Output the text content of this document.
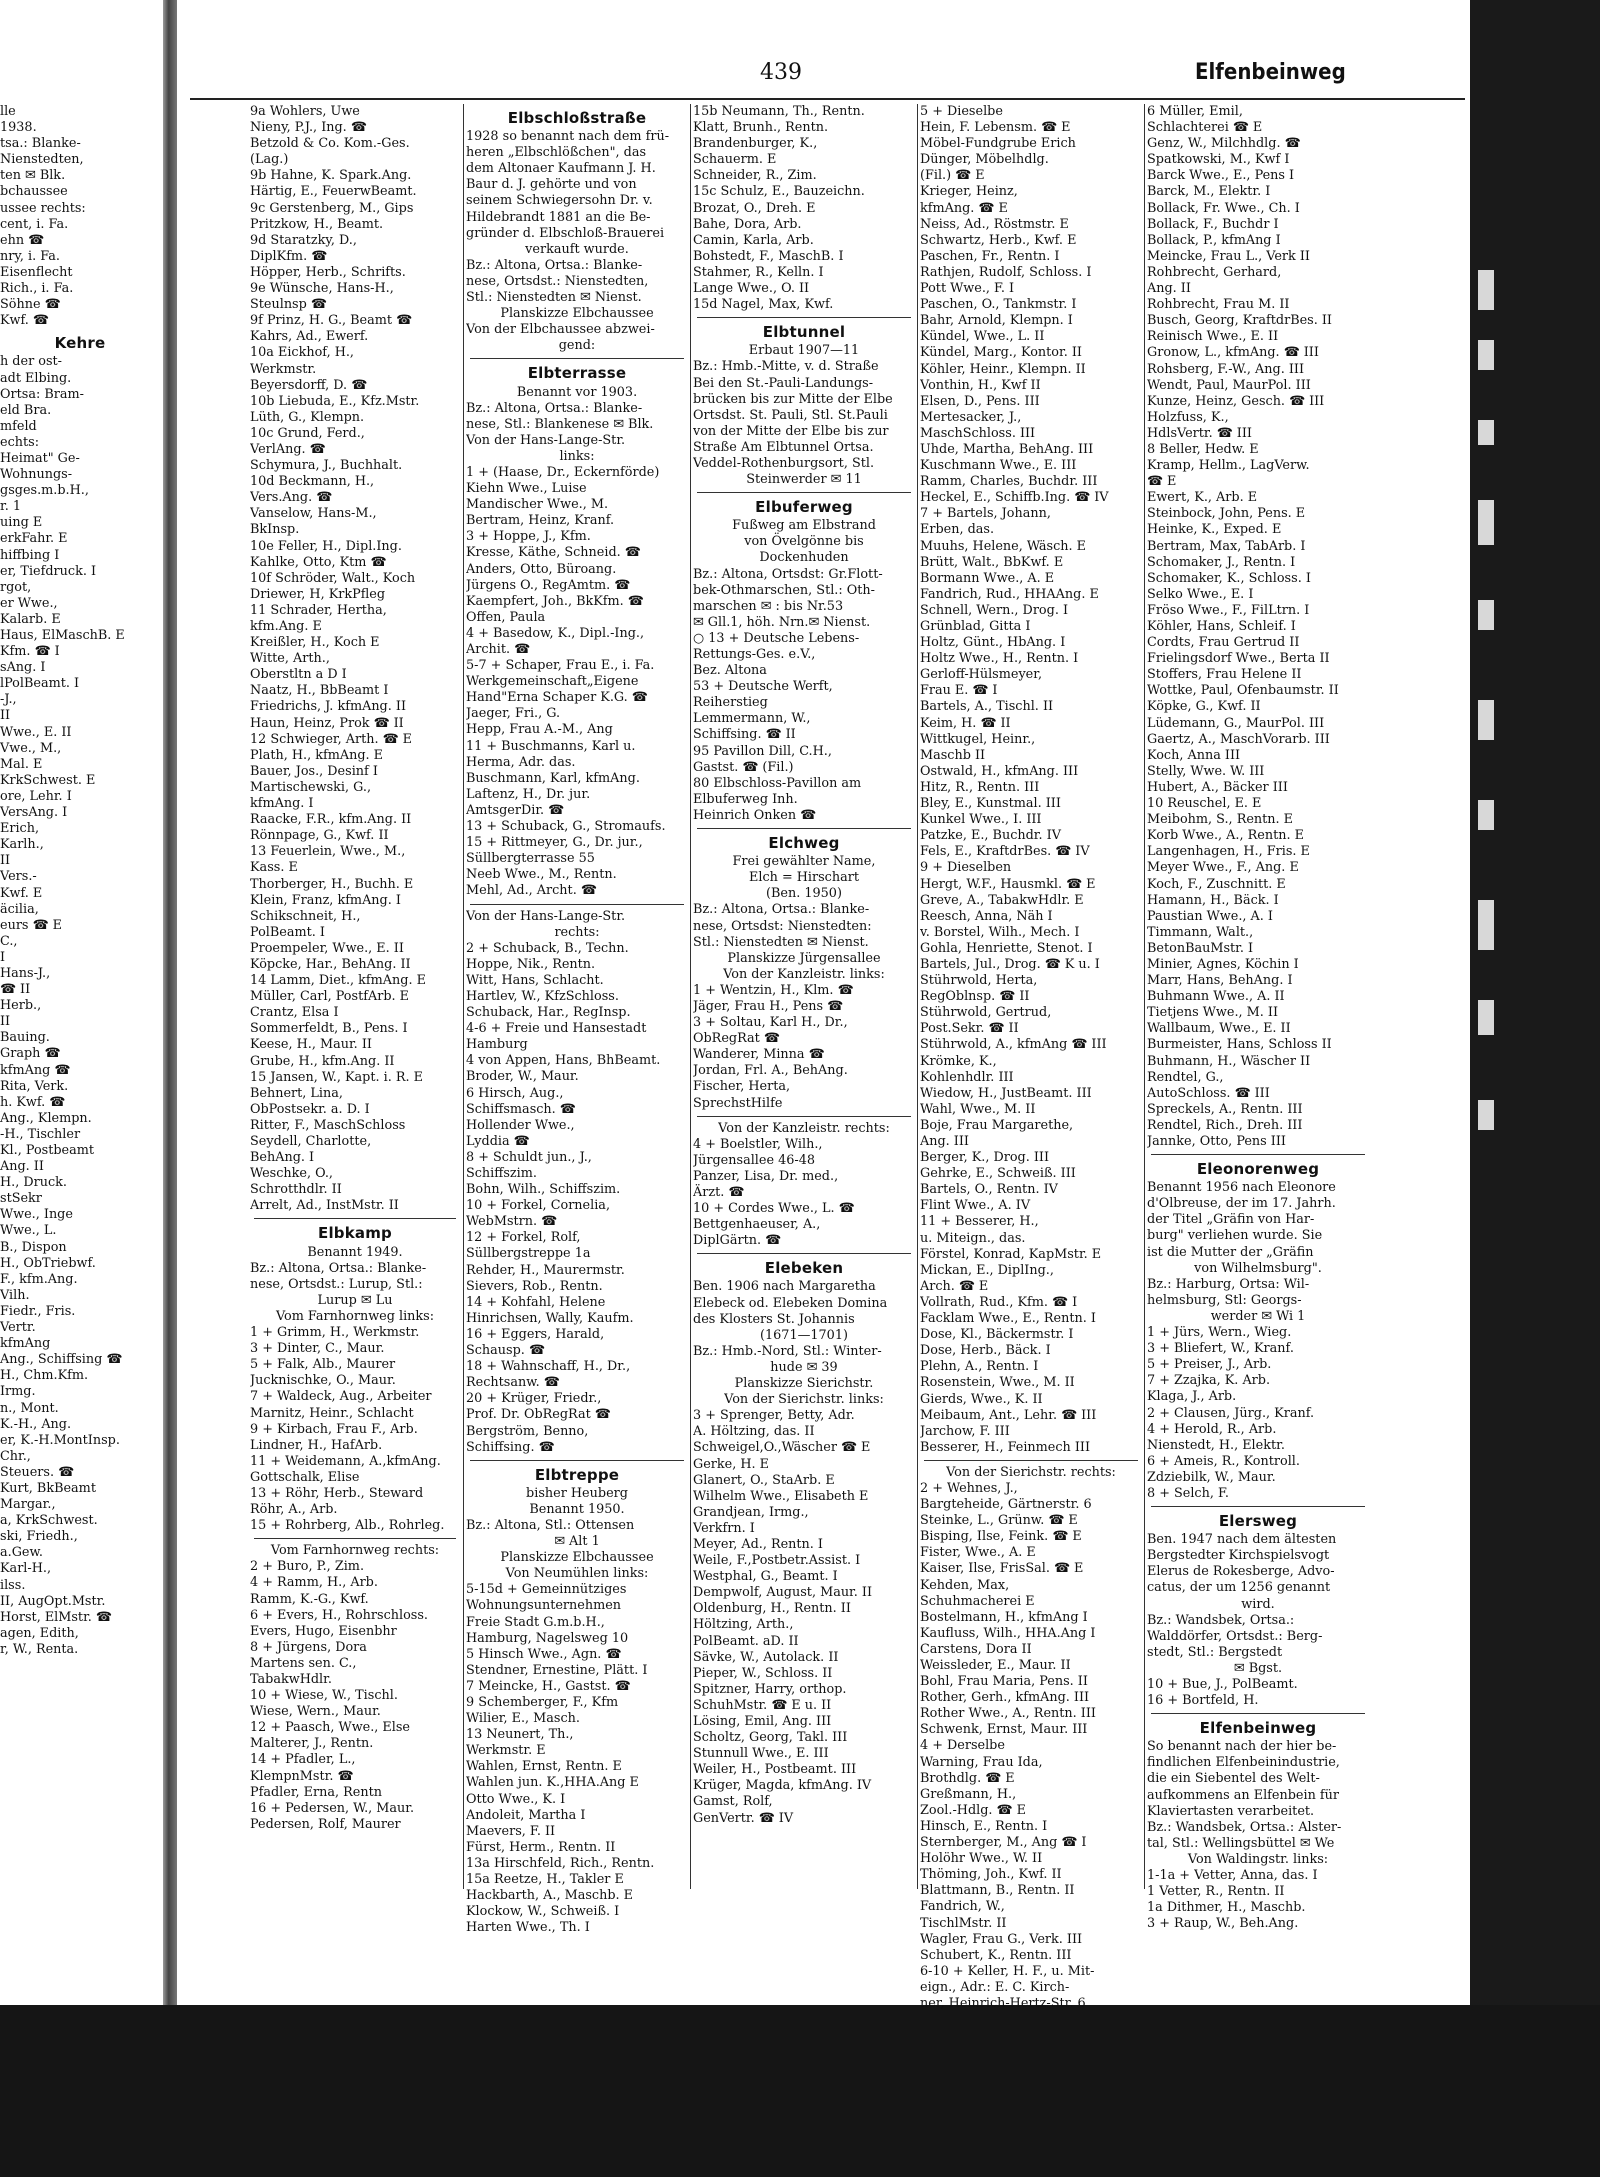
439	Elfenbeinweg
lle
1938.
tsa.: Blanke-
Nienstedten,
ten ✉ Blk.
bchaussee
ussee rechts:
cent, i. Fa.
ehn ☎
nry, i. Fa.
Eisenflecht
Rich., i. Fa.
Söhne ☎
Kwf. ☎
Kehre
h der ost-
adt Elbing.
Ortsa: Bram-
eld Bra.
mfeld
echts:
Heimat" Ge-
Wohnungs-
gsges.m.b.H.,
r. 1
uing E
erkFahr. E
hiffbing I
er, Tiefdruck. I
rgot,
er Wwe.,
Kalarb. E
Haus, ElMaschB. E
Kfm. ☎ I
sAng. I
lPolBeamt. I
-J.,
II
Wwe., E. II
Vwe., M.,
Mal. E
KrkSchwest. E
ore, Lehr. I
VersAng. I
Erich,
Karlh.,
II
Vers.-
Kwf. E
äcilia,
eurs ☎ E
C.,
I
Hans-J.,
☎ II
Herb.,
II
Bauing.
Graph ☎
kfmAng ☎
Rita, Verk.
h. Kwf. ☎
Ang., Klempn.
-H., Tischler
Kl., Postbeamt
Ang. II
H., Druck.
stSekr
Wwe., Inge
Wwe., L.
B., Dispon
H., ObTriebwf.
F., kfm.Ang.
Vilh.
Fiedr., Fris.
Vertr.
kfmAng
Ang., Schiffsing ☎
H., Chm.Kfm.
Irmg.
n., Mont.
K.-H., Ang.
er, K.-H.MontInsp.
Chr.,
Steuers. ☎
Kurt, BkBeamt
Margar.,
a, KrkSchwest.
ski, Friedh.,
a.Gew.
Karl-H.,
ilss.
II, AugOpt.Mstr.
Horst, ElMstr. ☎
agen, Edith,
r, W., Renta.
9a Wohlers, Uwe
Nieny, P.J., Ing. ☎
Betzold & Co. Kom.-Ges.
(Lag.)
9b Hahne, K. Spark.Ang.
Härtig, E., FeuerwBeamt.
9c Gerstenberg, M., Gips
Pritzkow, H., Beamt.
9d Staratzky, D.,
DiplKfm. ☎
Höpper, Herb., Schrifts.
9e Wünsche, Hans-H.,
Steulnsp ☎
9f Prinz, H. G., Beamt ☎
Kahrs, Ad., Ewerf.
10a Eickhof, H.,
Werkmstr.
Beyersdorff, D. ☎
10b Liebuda, E., Kfz.Mstr.
Lüth, G., Klempn.
10c Grund, Ferd.,
VerlAng. ☎
Schymura, J., Buchhalt.
10d Beckmann, H.,
Vers.Ang. ☎
Vanselow, Hans-M.,
BkInsp.
10e Feller, H., Dipl.Ing.
Kahlke, Otto, Ktm ☎
10f Schröder, Walt., Koch
Driewer, H, KrkPfleg
11 Schrader, Hertha,
kfm.Ang. E
Kreißler, H., Koch E
Witte, Arth.,
Oberstltn a D I
Naatz, H., BbBeamt I
Friedrichs, J. kfmAng. II
Haun, Heinz, Prok ☎ II
12 Schwieger, Arth. ☎ E
Plath, H., kfmAng. E
Bauer, Jos., Desinf I
Martischewski, G.,
kfmAng. I
Raacke, F.R., kfm.Ang. II
Rönnpage, G., Kwf. II
13 Feuerlein, Wwe., M.,
Kass. E
Thorberger, H., Buchh. E
Klein, Franz, kfmAng. I
Schikschneit, H.,
PolBeamt. I
Proempeler, Wwe., E. II
Köpcke, Har., BehAng. II
14 Lamm, Diet., kfmAng. E
Müller, Carl, PostfArb. E
Crantz, Elsa I
Sommerfeldt, B., Pens. I
Keese, H., Maur. II
Grube, H., kfm.Ang. II
15 Jansen, W., Kapt. i. R. E
Behnert, Lina,
ObPostsekr. a. D. I
Ritter, F., MaschSchloss
Seydell, Charlotte,
BehAng. I
Weschke, O.,
Schrotthdlr. II
Arrelt, Ad., InstMstr. II
Elbkamp
Benannt 1949.
Bz.: Altona, Ortsa.: Blanke-
nese, Ortsdst.: Lurup, Stl.:
Lurup ✉ Lu
Vom Farnhornweg links:
1 + Grimm, H., Werkmstr.
3 + Dinter, C., Maur.
5 + Falk, Alb., Maurer
Jucknischke, O., Maur.
7 + Waldeck, Aug., Arbeiter
Marnitz, Heinr., Schlacht
9 + Kirbach, Frau F., Arb.
Lindner, H., HafArb.
11 + Weidemann, A.,kfmAng.
Gottschalk, Elise
13 + Röhr, Herb., Steward
Röhr, A., Arb.
15 + Rohrberg, Alb., Rohrleg.
Vom Farnhornweg rechts:
2 + Buro, P., Zim.
4 + Ramm, H., Arb.
Ramm, K.-G., Kwf.
6 + Evers, H., Rohrschloss.
Evers, Hugo, Eisenbhr
8 + Jürgens, Dora
Martens sen. C.,
TabakwHdlr.
10 + Wiese, W., Tischl.
Wiese, Wern., Maur.
12 + Paasch, Wwe., Else
Malterer, J., Rentn.
14 + Pfadler, L.,
KlempnMstr. ☎
Pfadler, Erna, Rentn
16 + Pedersen, W., Maur.
Pedersen, Rolf, Maurer
Elbschloßstraße
1928 so benannt nach dem frü-
heren „Elbschlößchen", das
dem Altonaer Kaufmann J. H.
Baur d. J. gehörte und von
seinem Schwiegersohn Dr. v.
Hildebrandt 1881 an die Be-
gründer d. Elbschloß-Brauerei
verkauft wurde.
Bz.: Altona, Ortsa.: Blanke-
nese, Ortsdst.: Nienstedten,
Stl.: Nienstedten ✉ Nienst.
Planskizze Elbchaussee
Von der Elbchaussee abzwei-
gend:
Elbterrasse
Benannt vor 1903.
Bz.: Altona, Ortsa.: Blanke-
nese, Stl.: Blankenese ✉ Blk.
Von der Hans-Lange-Str.
links:
1 + (Haase, Dr., Eckernförde)
Kiehn Wwe., Luise
Mandischer Wwe., M.
Bertram, Heinz, Kranf.
3 + Hoppe, J., Kfm.
Kresse, Käthe, Schneid. ☎
Anders, Otto, Büroang.
Jürgens O., RegAmtm. ☎
Kaempfert, Joh., BkKfm. ☎
Offen, Paula
4 + Basedow, K., Dipl.-Ing.,
Archit. ☎
5-7 + Schaper, Frau E., i. Fa.
Werkgemeinschaft„Eigene
Hand"Erna Schaper K.G. ☎
Jaeger, Fri., G.
Hepp, Frau A.-M., Ang
11 + Buschmanns, Karl u.
Herma, Adr. das.
Buschmann, Karl, kfmAng.
Laftenz, H., Dr. jur.
AmtsgerDir. ☎
13 + Schuback, G., Stromaufs.
15 + Rittmeyer, G., Dr. jur.,
Süllbergterrasse 55
Neeb Wwe., M., Rentn.
Mehl, Ad., Archt. ☎
Von der Hans-Lange-Str.
rechts:
2 + Schuback, B., Techn.
Hoppe, Nik., Rentn.
Witt, Hans, Schlacht.
Hartlev, W., KfzSchloss.
Schuback, Har., RegInsp.
4-6 + Freie und Hansestadt
Hamburg
4 von Appen, Hans, BhBeamt.
Broder, W., Maur.
6 Hirsch, Aug.,
Schiffsmasch. ☎
Hollender Wwe.,
Lyddia ☎
8 + Schuldt jun., J.,
Schiffszim.
Bohn, Wilh., Schiffszim.
10 + Forkel, Cornelia,
WebMstrn. ☎
12 + Forkel, Rolf,
Süllbergstreppe 1a
Rehder, H., Maurermstr.
Sievers, Rob., Rentn.
14 + Kohfahl, Helene
Hinrichsen, Wally, Kaufm.
16 + Eggers, Harald,
Schausp. ☎
18 + Wahnschaff, H., Dr.,
Rechtsanw. ☎
20 + Krüger, Friedr.,
Prof. Dr. ObRegRat ☎
Bergström, Benno,
Schiffsing. ☎
Elbtreppe
bisher Heuberg
Benannt 1950.
Bz.: Altona, Stl.: Ottensen
✉ Alt 1
Planskizze Elbchaussee
Von Neumühlen links:
5-15d + Gemeinnütziges
Wohnungsunternehmen
Freie Stadt G.m.b.H.,
Hamburg, Nagelsweg 10
5 Hinsch Wwe., Agn. ☎
Stendner, Ernestine, Plätt. I
7 Meincke, H., Gastst. ☎
9 Schemberger, F., Kfm
Wilier, E., Masch.
13 Neunert, Th.,
Werkmstr. E
Wahlen, Ernst, Rentn. E
Wahlen jun. K.,HHA.Ang E
Otto Wwe., K. I
Andoleit, Martha I
Maevers, F. II
Fürst, Herm., Rentn. II
13a Hirschfeld, Rich., Rentn.
15a Reetze, H., Takler E
Hackbarth, A., Maschb. E
Klockow, W., Schweiß. I
Harten Wwe., Th. I
15b Neumann, Th., Rentn.
Klatt, Brunh., Rentn.
Brandenburger, K.,
Schauerm. E
Schneider, R., Zim.
15c Schulz, E., Bauzeichn.
Brozat, O., Dreh. E
Bahe, Dora, Arb.
Camin, Karla, Arb.
Bohstedt, F., MaschB. I
Stahmer, R., Kelln. I
Lange Wwe., O. II
15d Nagel, Max, Kwf.
Elbtunnel
Erbaut 1907—11
Bz.: Hmb.-Mitte, v. d. Straße
Bei den St.-Pauli-Landungs-
brücken bis zur Mitte der Elbe
Ortsdst. St. Pauli, Stl. St.Pauli
von der Mitte der Elbe bis zur
Straße Am Elbtunnel Ortsa.
Veddel-Rothenburgsort, Stl.
Steinwerder ✉ 11
Elbuferweg
Fußweg am Elbstrand
von Övelgönne bis
Dockenhuden
Bz.: Altona, Ortsdst: Gr.Flott-
bek-Othmarschen, Stl.: Oth-
marschen ✉ : bis Nr.53
✉ Gll.1, höh. Nrn.✉ Nienst.
○ 13 + Deutsche Lebens-
Rettungs-Ges. e.V.,
Bez. Altona
53 + Deutsche Werft,
Reiherstieg
Lemmermann, W.,
Schiffsing. ☎ II
95 Pavillon Dill, C.H.,
Gastst. ☎ (Fil.)
80 Elbschloss-Pavillon am
Elbuferweg Inh.
Heinrich Onken ☎
Elchweg
Frei gewählter Name,
Elch = Hirschart
(Ben. 1950)
Bz.: Altona, Ortsa.: Blanke-
nese, Ortsdst: Nienstedten:
Stl.: Nienstedten ✉ Nienst.
Planskizze Jürgensallee
Von der Kanzleistr. links:
1 + Wentzin, H., Klm. ☎
Jäger, Frau H., Pens ☎
3 + Soltau, Karl H., Dr.,
ObRegRat ☎
Wanderer, Minna ☎
Jordan, Frl. A., BehAng.
Fischer, Herta,
SprechstHilfe
Von der Kanzleistr. rechts:
4 + Boelstler, Wilh.,
Jürgensallee 46-48
Panzer, Lisa, Dr. med.,
Ärzt. ☎
10 + Cordes Wwe., L. ☎
Bettgenhaeuser, A.,
DiplGärtn. ☎
Elebeken
Ben. 1906 nach Margaretha
Elebeck od. Elebeken Domina
des Klosters St. Johannis
(1671—1701)
Bz.: Hmb.-Nord, Stl.: Winter-
hude ✉ 39
Planskizze Sierichstr.
Von der Sierichstr. links:
3 + Sprenger, Betty, Adr.
A. Höltzing, das. II
Schweigel,O.,Wäscher ☎ E
Gerke, H. E
Glanert, O., StaArb. E
Wilhelm Wwe., Elisabeth E
Grandjean, Irmg.,
Verkfrn. I
Meyer, Ad., Rentn. I
Weile, F.,Postbetr.Assist. I
Westphal, G., Beamt. I
Dempwolf, August, Maur. II
Oldenburg, H., Rentn. II
Höltzing, Arth.,
PolBeamt. aD. II
Sävke, W., Autolack. II
Pieper, W., Schloss. II
Spitzner, Harry, orthop.
SchuhMstr. ☎ E u. II
Lösing, Emil, Ang. III
Scholtz, Georg, Takl. III
Stunnull Wwe., E. III
Weiler, H., Postbeamt. III
Krüger, Magda, kfmAng. IV
Gamst, Rolf,
GenVertr. ☎ IV
5 + Dieselbe
Hein, F. Lebensm. ☎ E
Möbel-Fundgrube Erich
Dünger, Möbelhdlg.
(Fil.) ☎ E
Krieger, Heinz,
kfmAng. ☎ E
Neiss, Ad., Röstmstr. E
Schwartz, Herb., Kwf. E
Paschen, Fr., Rentn. I
Rathjen, Rudolf, Schloss. I
Pott Wwe., F. I
Paschen, O., Tankmstr. I
Bahr, Arnold, Klempn. I
Kündel, Wwe., L. II
Kündel, Marg., Kontor. II
Köhler, Heinr., Klempn. II
Vonthin, H., Kwf II
Elsen, D., Pens. III
Mertesacker, J.,
MaschSchloss. III
Uhde, Martha, BehAng. III
Kuschmann Wwe., E. III
Ramm, Charles, Buchdr. III
Heckel, E., Schiffb.Ing. ☎ IV
7 + Bartels, Johann,
Erben, das.
Muuhs, Helene, Wäsch. E
Brütt, Walt., BbKwf. E
Bormann Wwe., A. E
Fandrich, Rud., HHAAng. E
Schnell, Wern., Drog. I
Grünblad, Gitta I
Holtz, Günt., HbAng. I
Holtz Wwe., H., Rentn. I
Gerloff-Hülsmeyer,
Frau E. ☎ I
Bartels, A., Tischl. II
Keim, H. ☎ II
Wittkugel, Heinr.,
Maschb II
Ostwald, H., kfmAng. III
Hitz, R., Rentn. III
Bley, E., Kunstmal. III
Kunkel Wwe., I. III
Patzke, E., Buchdr. IV
Fels, E., KraftdrBes. ☎ IV
9 + Dieselben
Hergt, W.F., Hausmkl. ☎ E
Greve, A., TabakwHdlr. E
Reesch, Anna, Näh I
v. Borstel, Wilh., Mech. I
Gohla, Henriette, Stenot. I
Bartels, Jul., Drog. ☎ K u. I
Stührwold, Herta,
RegOblnsp. ☎ II
Stührwold, Gertrud,
Post.Sekr. ☎ II
Stührwold, A., kfmAng ☎ III
Krömke, K.,
Kohlenhdlr. III
Wiedow, H., JustBeamt. III
Wahl, Wwe., M. II
Boje, Frau Margarethe,
Ang. III
Berger, K., Drog. III
Gehrke, E., Schweiß. III
Bartels, O., Rentn. IV
Flint Wwe., A. IV
11 + Besserer, H.,
u. Miteign., das.
Förstel, Konrad, KapMstr. E
Mickan, E., DiplIng.,
Arch. ☎ E
Vollrath, Rud., Kfm. ☎ I
Facklam Wwe., E., Rentn. I
Dose, Kl., Bäckermstr. I
Dose, Herb., Bäck. I
Plehn, A., Rentn. I
Rosenstein, Wwe., M. II
Gierds, Wwe., K. II
Meibaum, Ant., Lehr. ☎ III
Jarchow, F. III
Besserer, H., Feinmech III
Von der Sierichstr. rechts:
2 + Wehnes, J.,
Bargteheide, Gärtnerstr. 6
Steinke, L., Grünw. ☎ E
Bisping, Ilse, Feink. ☎ E
Fister, Wwe., A. E
Kaiser, Ilse, FrisSal. ☎ E
Kehden, Max,
Schuhmacherei E
Bostelmann, H., kfmAng I
Kaufluss, Wilh., HHA.Ang I
Carstens, Dora II
Weissleder, E., Maur. II
Bohl, Frau Maria, Pens. II
Rother, Gerh., kfmAng. III
Rother Wwe., A., Rentn. III
Schwenk, Ernst, Maur. III
4 + Derselbe
Warning, Frau Ida,
Brothdlg. ☎ E
Greßmann, H.,
Zool.-Hdlg. ☎ E
Hinsch, E., Rentn. I
Sternberger, M., Ang ☎ I
Holöhr Wwe., W. II
Thöming, Joh., Kwf. II
Blattmann, B., Rentn. II
Fandrich, W.,
TischlMstr. II
Wagler, Frau G., Verk. III
Schubert, K., Rentn. III
6-10 + Keller, H. F., u. Mit-
eign., Adr.: E. C. Kirch-
ner, Heinrich-Hertz-Str. 6
6 Müller, Emil,
Schlachterei ☎ E
Genz, W., Milchhdlg. ☎
Spatkowski, M., Kwf I
Barck Wwe., E., Pens I
Barck, M., Elektr. I
Bollack, Fr. Wwe., Ch. I
Bollack, F., Buchdr I
Bollack, P., kfmAng I
Meincke, Frau L., Verk II
Rohbrecht, Gerhard,
Ang. II
Rohbrecht, Frau M. II
Busch, Georg, KraftdrBes. II
Reinisch Wwe., E. II
Gronow, L., kfmAng. ☎ III
Rohsberg, F.-W., Ang. III
Wendt, Paul, MaurPol. III
Kunze, Heinz, Gesch. ☎ III
Holzfuss, K.,
HdlsVertr. ☎ III
8 Beller, Hedw. E
Kramp, Hellm., LagVerw.
☎ E
Ewert, K., Arb. E
Steinbock, John, Pens. E
Heinke, K., Exped. E
Bertram, Max, TabArb. I
Schomaker, J., Rentn. I
Schomaker, K., Schloss. I
Selko Wwe., E. I
Fröso Wwe., F., FilLtrn. I
Köhler, Hans, Schleif. I
Cordts, Frau Gertrud II
Frielingsdorf Wwe., Berta II
Stoffers, Frau Helene II
Wottke, Paul, Ofenbaumstr. II
Köpke, G., Kwf. II
Lüdemann, G., MaurPol. III
Gaertz, A., MaschVorarb. III
Koch, Anna III
Stelly, Wwe. W. III
Hubert, A., Bäcker III
10 Reuschel, E. E
Meibohm, S., Rentn. E
Korb Wwe., A., Rentn. E
Langenhagen, H., Fris. E
Meyer Wwe., F., Ang. E
Koch, F., Zuschnitt. E
Hamann, H., Bäck. I
Paustian Wwe., A. I
Timmann, Walt.,
BetonBauMstr. I
Minier, Agnes, Köchin I
Marr, Hans, BehAng. I
Buhmann Wwe., A. II
Tietjens Wwe., M. II
Wallbaum, Wwe., E. II
Burmeister, Hans, Schloss II
Buhmann, H., Wäscher II
Rendtel, G.,
AutoSchloss. ☎ III
Spreckels, A., Rentn. III
Rendtel, Rich., Dreh. III
Jannke, Otto, Pens III
Eleonorenweg
Benannt 1956 nach Eleonore
d'Olbreuse, der im 17. Jahrh.
der Titel „Gräfin von Har-
burg" verliehen wurde. Sie
ist die Mutter der „Gräfin
von Wilhelmsburg".
Bz.: Harburg, Ortsa: Wil-
helmsburg, Stl: Georgs-
werder ✉ Wi 1
1 + Jürs, Wern., Wieg.
3 + Bliefert, W., Kranf.
5 + Preiser, J., Arb.
7 + Zzajka, K. Arb.
Klaga, J., Arb.
2 + Clausen, Jürg., Kranf.
4 + Herold, R., Arb.
Nienstedt, H., Elektr.
6 + Ameis, R., Kontroll.
Zdziebilk, W., Maur.
8 + Selch, F.
Elersweg
Ben. 1947 nach dem ältesten
Bergstedter Kirchspielsvogt
Elerus de Rokesberge, Advo-
catus, der um 1256 genannt
wird.
Bz.: Wandsbek, Ortsa.:
Walddörfer, Ortsdst.: Berg-
stedt, Stl.: Bergstedt
✉ Bgst.
10 + Bue, J., PolBeamt.
16 + Bortfeld, H.
Elfenbeinweg
So benannt nach der hier be-
findlichen Elfenbeinindustrie,
die ein Siebentel des Welt-
aufkommens an Elfenbein für
Klaviertasten verarbeitet.
Bz.: Wandsbek, Ortsa.: Alster-
tal, Stl.: Wellingsbüttel ✉ We
Von Waldingstr. links:
1-1a + Vetter, Anna, das. I
1 Vetter, R., Rentn. II
1a Dithmer, H., Maschb.
3 + Raup, W., Beh.Ang.
